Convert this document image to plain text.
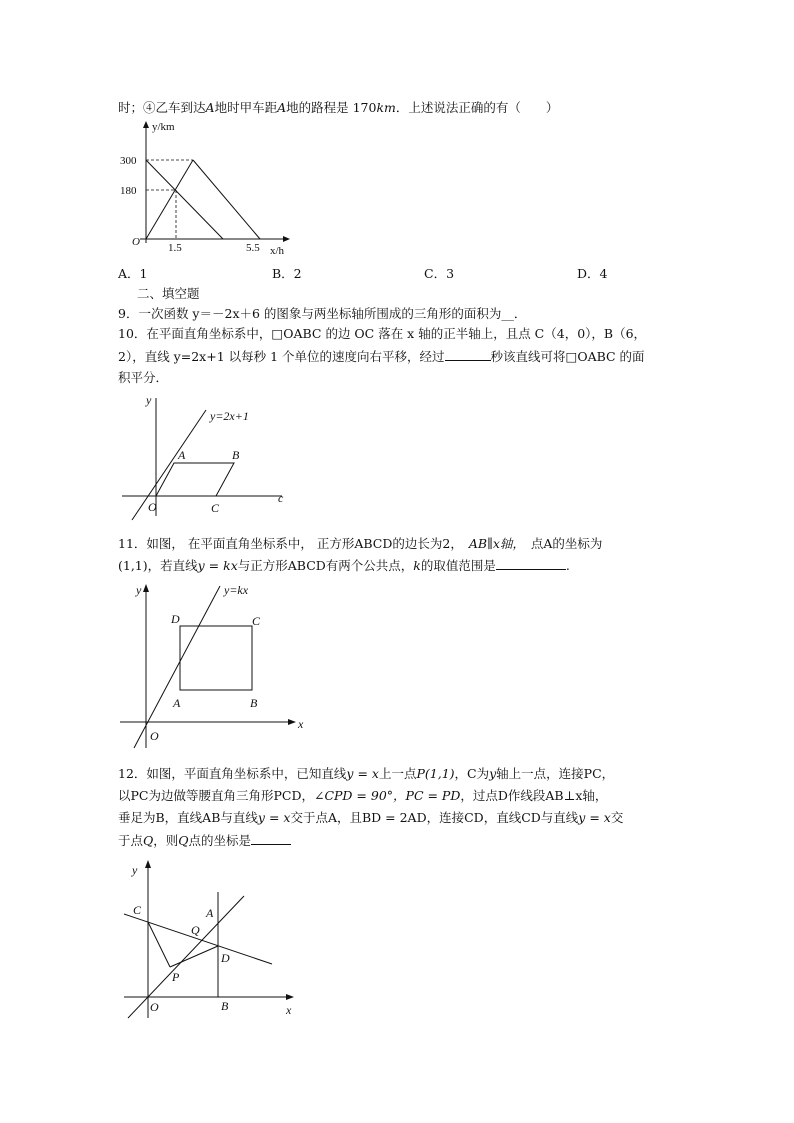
时；④乙车到达A地时甲车距A地的路程是 170km．上述说法正确的有（　　）
y/km
300
180
O	1.5	5.5 x/h
A．1	B．2	C．3	D．4
二、填空题
9．一次函数 y＝－2x＋6 的图象与两坐标轴所围成的三角形的面积为__．
10．在平面直角坐标系中，□OABC 的边 OC 落在 x 轴的正半轴上，且点 C（4，0），B（6，
2），直线 y=2x+1 以每秒 1 个单位的速度向右平移，经过	秒该直线可将□OABC 的面
积平分．
y
y=2x+1
A	B
O	C
c
11．如图， 在平面直角坐标系中， 正方形ABCD的边长为2， AB∥x轴， 点A的坐标为
(1,1)，若直线y = kx与正方形ABCD有两个公共点，k的取值范围是	.
y	y=kx
D	C
A	B
x
O
12．如图，平面直角坐标系中，已知直线y = x上一点P(1,1)，C为y轴上一点，连接PC，
以PC为边做等腰直角三角形PCD，∠CPD = 90°，PC = PD，过点D作线段AB⊥x轴，
垂足为B，直线AB与直线y = x交于点A，且BD = 2AD，连接CD，直线CD与直线y = x交
于点Q，则Q点的坐标是
y
C	A
Q
D
P
O	B	x
